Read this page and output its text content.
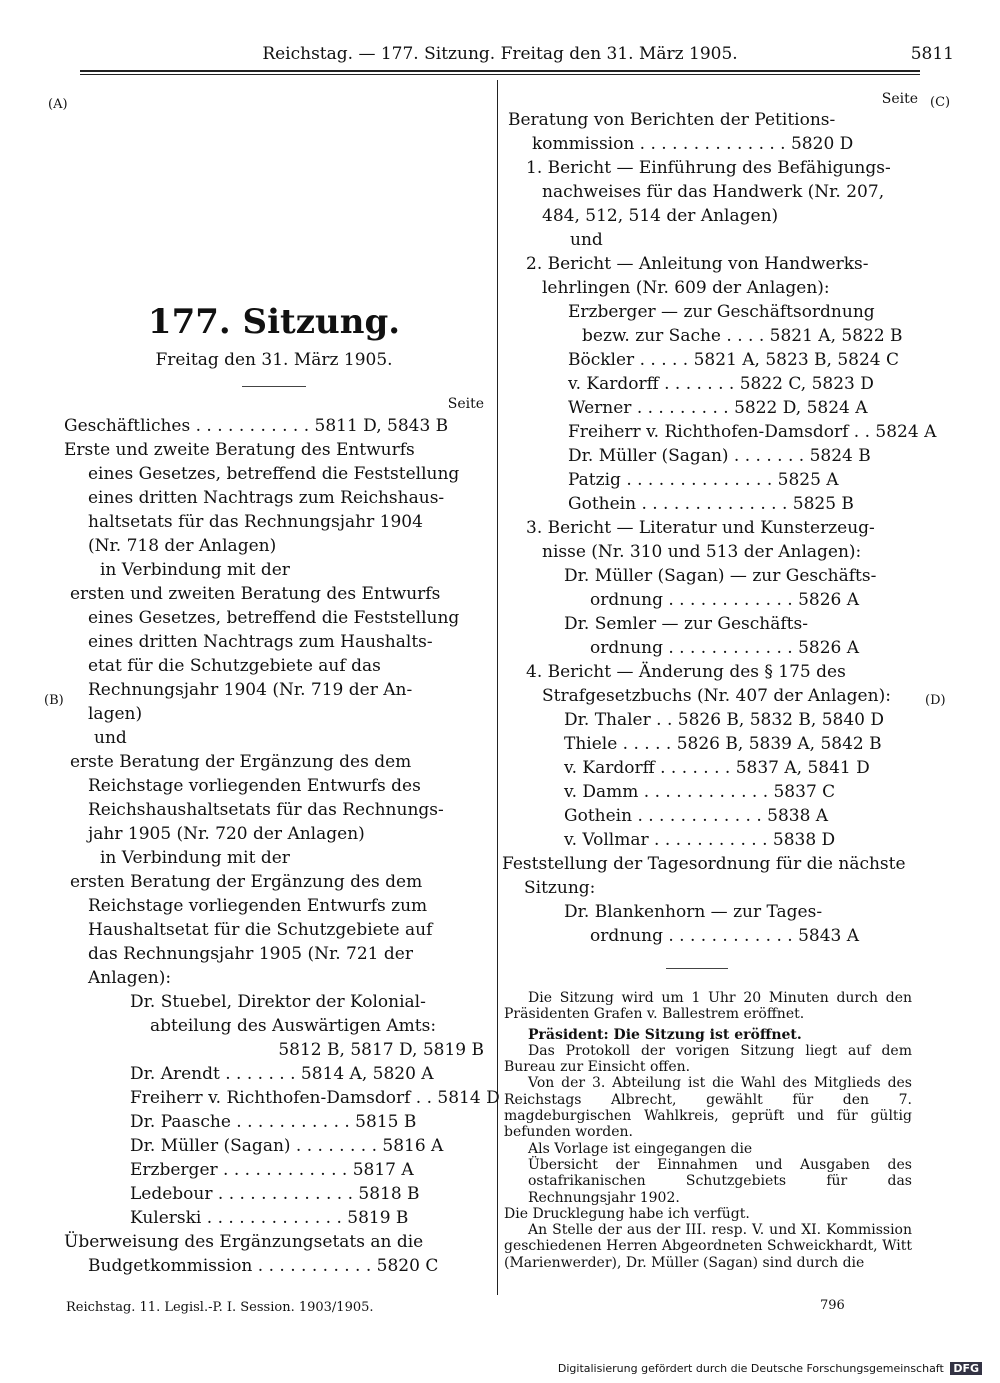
Reichstag. — 177. Sitzung. Freitag den 31. März 1905.	5811
(A)
(B)
(C)
(D)
177. Sitzung.
Freitag den 31. März 1905.
Seite
Geschäftliches . . . . . . . . . . . 5811 D, 5843 B
Erste und zweite Beratung des Entwurfs
eines Gesetzes, betreffend die Feststellung
eines dritten Nachtrags zum Reichshaus-
haltsetats für das Rechnungsjahr 1904
(Nr. 718 der Anlagen)
in Verbindung mit der
ersten und zweiten Beratung des Entwurfs
eines Gesetzes, betreffend die Feststellung
eines dritten Nachtrags zum Haushalts-
etat für die Schutzgebiete auf das
Rechnungsjahr 1904 (Nr. 719 der An-
lagen)
und
erste Beratung der Ergänzung des dem
Reichstage vorliegenden Entwurfs des
Reichshaushaltsetats für das Rechnungs-
jahr 1905 (Nr. 720 der Anlagen)
in Verbindung mit der
ersten Beratung der Ergänzung des dem
Reichstage vorliegenden Entwurfs zum
Haushaltsetat für die Schutzgebiete auf
das Rechnungsjahr 1905 (Nr. 721 der
Anlagen):
Dr. Stuebel, Direktor der Kolonial-
abteilung des Auswärtigen Amts:
5812 B, 5817 D, 5819 B
Dr. Arendt . . . . . . . 5814 A, 5820 A
Freiherr v. Richthofen-Damsdorf . . 5814 D
Dr. Paasche . . . . . . . . . . . 5815 B
Dr. Müller (Sagan) . . . . . . . . 5816 A
Erzberger . . . . . . . . . . . . 5817 A
Ledebour . . . . . . . . . . . . . 5818 B
Kulerski . . . . . . . . . . . . . 5819 B
Überweisung des Ergänzungsetats an die
Budgetkommission . . . . . . . . . . . 5820 C
Seite
Beratung von Berichten der Petitions-
kommission . . . . . . . . . . . . . . 5820 D
1. Bericht — Einführung des Befähigungs-
nachweises für das Handwerk (Nr. 207,
484, 512, 514 der Anlagen)
und
2. Bericht — Anleitung von Handwerks-
lehrlingen (Nr. 609 der Anlagen):
Erzberger — zur Geschäftsordnung
bezw. zur Sache . . . . 5821 A, 5822 B
Böckler . . . . . 5821 A, 5823 B, 5824 C
v. Kardorff . . . . . . . 5822 C, 5823 D
Werner . . . . . . . . . 5822 D, 5824 A
Freiherr v. Richthofen-Damsdorf . . 5824 A
Dr. Müller (Sagan) . . . . . . . 5824 B
Patzig . . . . . . . . . . . . . . 5825 A
Gothein . . . . . . . . . . . . . . 5825 B
3. Bericht — Literatur und Kunsterzeug-
nisse (Nr. 310 und 513 der Anlagen):
Dr. Müller (Sagan) — zur Geschäfts-
ordnung . . . . . . . . . . . . 5826 A
Dr. Semler — zur Geschäfts-
ordnung . . . . . . . . . . . . 5826 A
4. Bericht — Änderung des § 175 des
Strafgesetzbuchs (Nr. 407 der Anlagen):
Dr. Thaler . . 5826 B, 5832 B, 5840 D
Thiele . . . . . 5826 B, 5839 A, 5842 B
v. Kardorff . . . . . . . 5837 A, 5841 D
v. Damm . . . . . . . . . . . . 5837 C
Gothein . . . . . . . . . . . . 5838 A
v. Vollmar . . . . . . . . . . . 5838 D
Feststellung der Tagesordnung für die nächste
Sitzung:
Dr. Blankenhorn — zur Tages-
ordnung . . . . . . . . . . . . 5843 A
Die Sitzung wird um 1 Uhr 20 Minuten durch den Präsidenten Grafen v. Ballestrem eröffnet.
Präsident: Die Sitzung ist eröffnet.
Das Protokoll der vorigen Sitzung liegt auf dem Bureau zur Einsicht offen.
Von der 3. Abteilung ist die Wahl des Mitglieds des Reichstags Albrecht, gewählt für den 7. magdeburgischen Wahlkreis, geprüft und für gültig befunden worden.
Als Vorlage ist eingegangen die
Übersicht der Einnahmen und Ausgaben des ostafrikanischen Schutzgebiets für das Rechnungsjahr 1902.
Die Drucklegung habe ich verfügt.
An Stelle der aus der III. resp. V. und XI. Kommission geschiedenen Herren Abgeordneten Schweickhardt, Witt (Marienwerder), Dr. Müller (Sagan) sind durch die
Reichstag. 11. Legisl.-P. I. Session. 1903/1905.	796
Digitalisierung gefördert durch die Deutsche Forschungsgemeinschaft DFG
